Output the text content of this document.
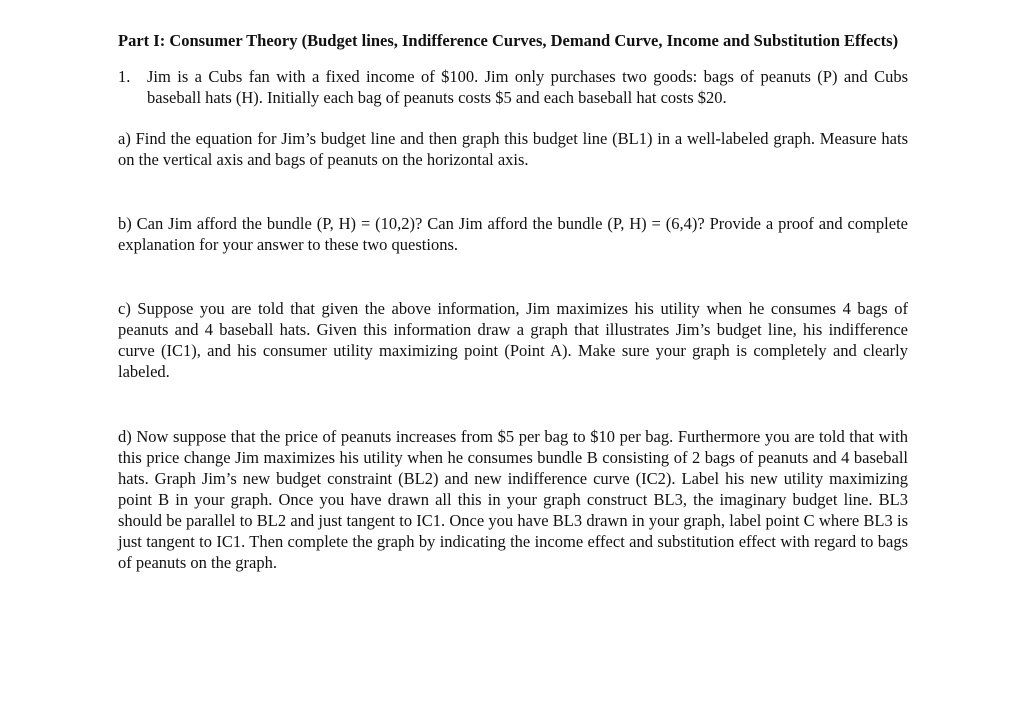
Part I: Consumer Theory (Budget lines, Indifference Curves, Demand Curve, Income and Substitution Effects)

1.	Jim is a Cubs fan with a fixed income of $100. Jim only purchases two goods: bags of peanuts (P) and Cubs baseball hats (H). Initially each bag of peanuts costs $5 and each baseball hat costs $20.

a) Find the equation for Jim’s budget line and then graph this budget line (BL1) in a well-labeled graph. Measure hats on the vertical axis and bags of peanuts on the horizontal axis.

b) Can Jim afford the bundle (P, H) = (10,2)? Can Jim afford the bundle (P, H) = (6,4)? Provide a proof and complete explanation for your answer to these two questions.

c) Suppose you are told that given the above information, Jim maximizes his utility when he consumes 4 bags of peanuts and 4 baseball hats. Given this information draw a graph that illustrates Jim’s budget line, his indifference curve (IC1), and his consumer utility maximizing point (Point A). Make sure your graph is completely and clearly labeled.

d) Now suppose that the price of peanuts increases from $5 per bag to $10 per bag. Furthermore you are told that with this price change Jim maximizes his utility when he consumes bundle B consisting of 2 bags of peanuts and 4 baseball hats. Graph Jim’s new budget constraint (BL2) and new indifference curve (IC2). Label his new utility maximizing point B in your graph. Once you have drawn all this in your graph construct BL3, the imaginary budget line. BL3 should be parallel to BL2 and just tangent to IC1. Once you have BL3 drawn in your graph, label point C where BL3 is just tangent to IC1. Then complete the graph by indicating the income effect and substitution effect with regard to bags of peanuts on the graph.
